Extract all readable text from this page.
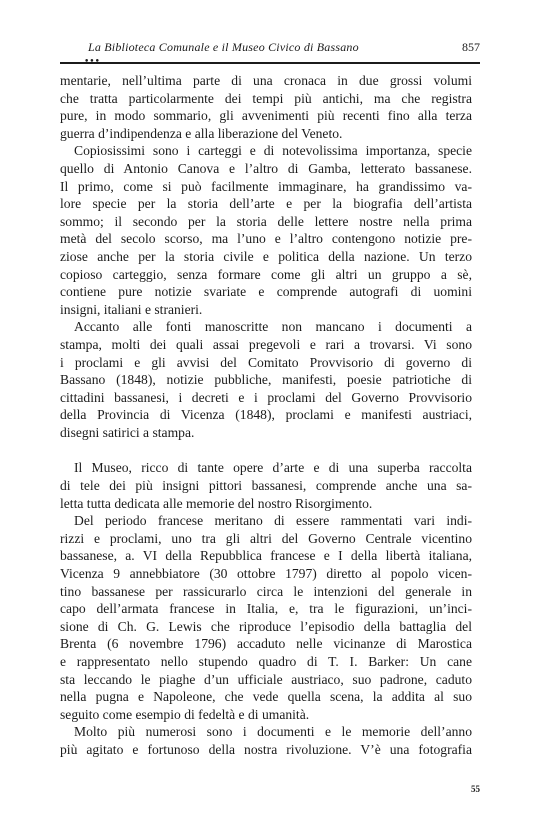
La Biblioteca Comunale e il Museo Civico di Bassano	857
•••
mentarie, nell’ultima parte di una cronaca in due grossi volumi
che tratta particolarmente dei tempi più antichi, ma che registra
pure, in modo sommario, gli avvenimenti più recenti fino alla terza
guerra d’indipendenza e alla liberazione del Veneto.
Copiosissimi sono i carteggi e di notevolissima importanza, specie
quello di Antonio Canova e l’altro di Gamba, letterato bassanese.
Il primo, come si può facilmente immaginare, ha grandissimo va-
lore specie per la storia dell’arte e per la biografia dell’artista
sommo; il secondo per la storia delle lettere nostre nella prima
metà del secolo scorso, ma l’uno e l’altro contengono notizie pre-
ziose anche per la storia civile e politica della nazione. Un terzo
copioso carteggio, senza formare come gli altri un gruppo a sè,
contiene pure notizie svariate e comprende autografi di uomini
insigni, italiani e stranieri.
Accanto alle fonti manoscritte non mancano i documenti a
stampa, molti dei quali assai pregevoli e rari a trovarsi. Vi sono
i proclami e gli avvisi del Comitato Provvisorio di governo di
Bassano (1848), notizie pubbliche, manifesti, poesie patriotiche di
cittadini bassanesi, i decreti e i proclami del Governo Provvisorio
della Provincia di Vicenza (1848), proclami e manifesti austriaci,
disegni satirici a stampa.
Il Museo, ricco di tante opere d’arte e di una superba raccolta
di tele dei più insigni pittori bassanesi, comprende anche una sa-
letta tutta dedicata alle memorie del nostro Risorgimento.
Del periodo francese meritano di essere rammentati vari indi-
rizzi e proclami, uno tra gli altri del Governo Centrale vicentino
bassanese, a. VI della Repubblica francese e I della libertà italiana,
Vicenza 9 annebbiatore (30 ottobre 1797) diretto al popolo vicen-
tino bassanese per rassicurarlo circa le intenzioni del generale in
capo dell’armata francese in Italia, e, tra le figurazioni, un’inci-
sione di Ch. G. Lewis che riproduce l’episodio della battaglia del
Brenta (6 novembre 1796) accaduto nelle vicinanze di Marostica
e rappresentato nello stupendo quadro di T. I. Barker: Un cane
sta leccando le piaghe d’un ufficiale austriaco, suo padrone, caduto
nella pugna e Napoleone, che vede quella scena, la addita al suo
seguito come esempio di fedeltà e di umanità.
Molto più numerosi sono i documenti e le memorie dell’anno
più agitato e fortunoso della nostra rivoluzione. V’è una fotografia
55
